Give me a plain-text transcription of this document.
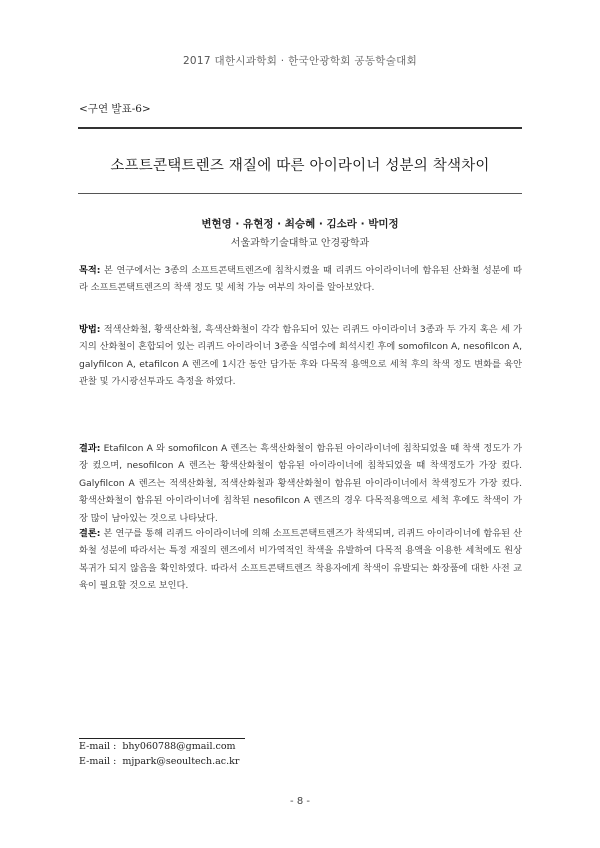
2017 대한시과학회 · 한국안광학회 공동학술대회
<구연 발표-6>
소프트콘택트렌즈 재질에 따른 아이라이너 성분의 착색차이
변현영 · 유현정 · 최승혜 · 김소라 · 박미정
서울과학기술대학교 안경광학과
목적: 본 연구에서는 3종의 소프트콘택트렌즈에 침착시켰을 때 리퀴드 아이라이너에 함유된 산화철 성분에 따라 소프트콘택트렌즈의 착색 정도 및 세척 가능 여부의 차이를 알아보았다.
방법: 적색산화철, 황색산화철, 흑색산화철이 각각 함유되어 있는 리퀴드 아이라이너 3종과 두 가지 혹은 세 가지의 산화철이 혼합되어 있는 리퀴드 아이라이너 3종을 식염수에 희석시킨 후에 somofilcon A, nesofilcon A, galyfilcon A, etafilcon A 렌즈에 1시간 동안 담가둔 후와 다목적 용액으로 세척 후의 착색 정도 변화를 육안 관찰 및 가시광선투과도 측정을 하였다.
결과: Etafilcon A 와 somofilcon A 렌즈는 흑색산화철이 함유된 아이라이너에 침착되었을 때 착색 정도가 가장 컸으며, nesofilcon A 렌즈는 황색산화철이 함유된 아이라이너에 침착되었을 때 착색정도가 가장 컸다. Galyfilcon A 렌즈는 적색산화철, 적색산화철과 황색산화철이 함유된 아이라이너에서 착색정도가 가장 컸다. 황색산화철이 함유된 아이라이너에 침착된 nesofilcon A 렌즈의 경우 다목적용액으로 세척 후에도 착색이 가장 많이 남아있는 것으로 나타났다.
결론: 본 연구를 통해 리퀴드 아이라이너에 의해 소프트콘택트렌즈가 착색되며, 리퀴드 아이라이너에 함유된 산화철 성분에 따라서는 특정 재질의 렌즈에서 비가역적인 착색을 유발하여 다목적 용액을 이용한 세척에도 원상복귀가 되지 않음을 확인하였다. 따라서 소프트콘택트렌즈 착용자에게 착색이 유발되는 화장품에 대한 사전 교육이 필요할 것으로 보인다.
E-mail :  bhy060788@gmail.com
E-mail :  mjpark@seoultech.ac.kr
- 8 -
